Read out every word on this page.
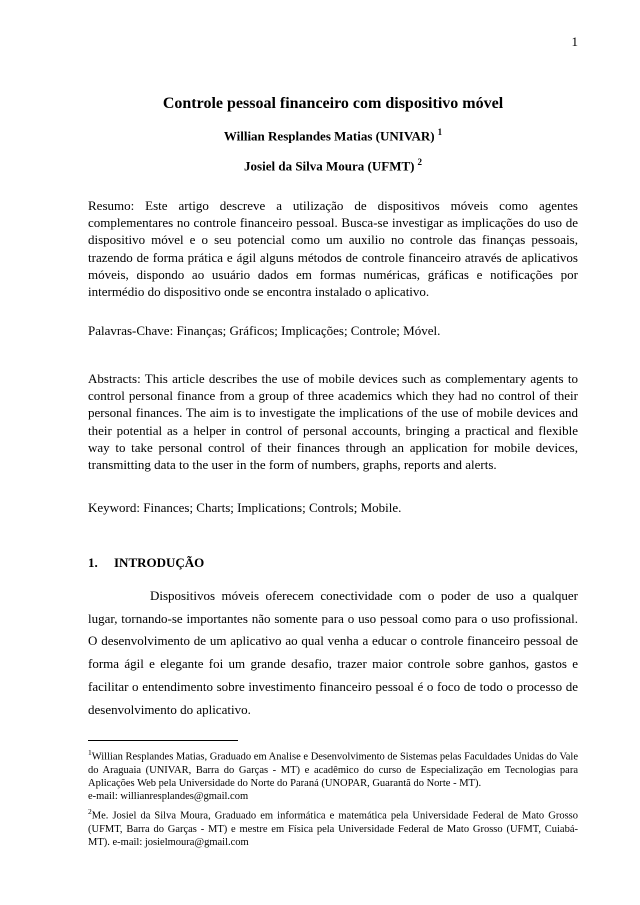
1
Controle pessoal financeiro com dispositivo móvel
Willian Resplandes Matias (UNIVAR) $^1$
Josiel da Silva Moura (UFMT) $^2$

Resumo: Este artigo descreve a utilização de dispositivos móveis como agentes complementares no controle financeiro pessoal. Busca-se investigar as implicações do uso de dispositivo móvel e o seu potencial como um auxilio no controle das finanças pessoais, trazendo de forma prática e ágil alguns métodos de controle financeiro através de aplicativos móveis, dispondo ao usuário dados em formas numéricas, gráficas e notificações por intermédio do dispositivo onde se encontra instalado o aplicativo.

Palavras-Chave: Finanças; Gráficos; Implicações; Controle; Móvel.

Abstracts: This article describes the use of mobile devices such as complementary agents to control personal finance from a group of three academics which they had no control of their personal finances. The aim is to investigate the implications of the use of mobile devices and their potential as a helper in control of personal accounts, bringing a practical and flexible way to take personal control of their finances through an application for mobile devices, transmitting data to the user in the form of numbers, graphs, reports and alerts.

Keyword: Finances; Charts; Implications; Controls; Mobile.

1. INTRODUÇÃO

Dispositivos móveis oferecem conectividade com o poder de uso a qualquer lugar, tornando-se importantes não somente para o uso pessoal como para o uso profissional. O desenvolvimento de um aplicativo ao qual venha a educar o controle financeiro pessoal de forma ágil e elegante foi um grande desafio, trazer maior controle sobre ganhos, gastos e facilitar o entendimento sobre investimento financeiro pessoal é o foco de todo o processo de desenvolvimento do aplicativo.

$^1$Willian Resplandes Matias, Graduado em Analise e Desenvolvimento de Sistemas pelas Faculdades Unidas do Vale do Araguaia (UNIVAR, Barra do Garças - MT) e acadêmico do curso de Especialização em Tecnologias para Aplicações Web pela Universidade do Norte do Paraná (UNOPAR, Guarantã do Norte - MT).
e-mail: willianresplandes@gmail.com
$^2$Me. Josiel da Silva Moura, Graduado em informática e matemática pela Universidade Federal de Mato Grosso (UFMT, Barra do Garças - MT) e mestre em Física pela Universidade Federal de Mato Grosso (UFMT, Cuiabá-MT). e-mail: josielmoura@gmail.com
